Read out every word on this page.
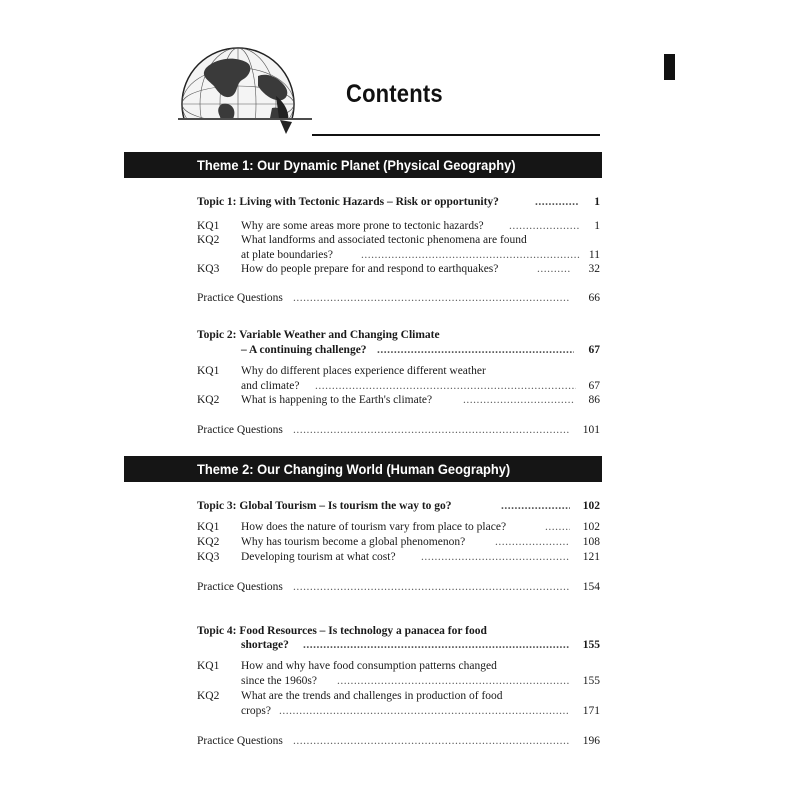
Contents
Theme 1: Our Dynamic Planet (Physical Geography)
Topic 1: Living with Tectonic Hazards – Risk or opportunity? .....	1
KQ1 Why are some areas more prone to tectonic hazards? .....	1
KQ2 What landforms and associated tectonic phenomena are found
at plate boundaries? .....	11
KQ3 How do people prepare for and respond to earthquakes? .....	32
Practice Questions .....	66
Topic 2: Variable Weather and Changing Climate
– A continuing challenge? .....	67
KQ1 Why do different places experience different weather
and climate? .....	67
KQ2 What is happening to the Earth's climate? .....	86
Practice Questions .....	101
Theme 2: Our Changing World (Human Geography)
Topic 3: Global Tourism – Is tourism the way to go? .....	102
KQ1 How does the nature of tourism vary from place to place? .....	102
KQ2 Why has tourism become a global phenomenon? .....	108
KQ3 Developing tourism at what cost? .....	121
Practice Questions .....	154
Topic 4: Food Resources – Is technology a panacea for food
shortage? .....	155
KQ1 How and why have food consumption patterns changed
since the 1960s? .....	155
KQ2 What are the trends and challenges in production of food
crops? .....	171
Practice Questions .....	196
